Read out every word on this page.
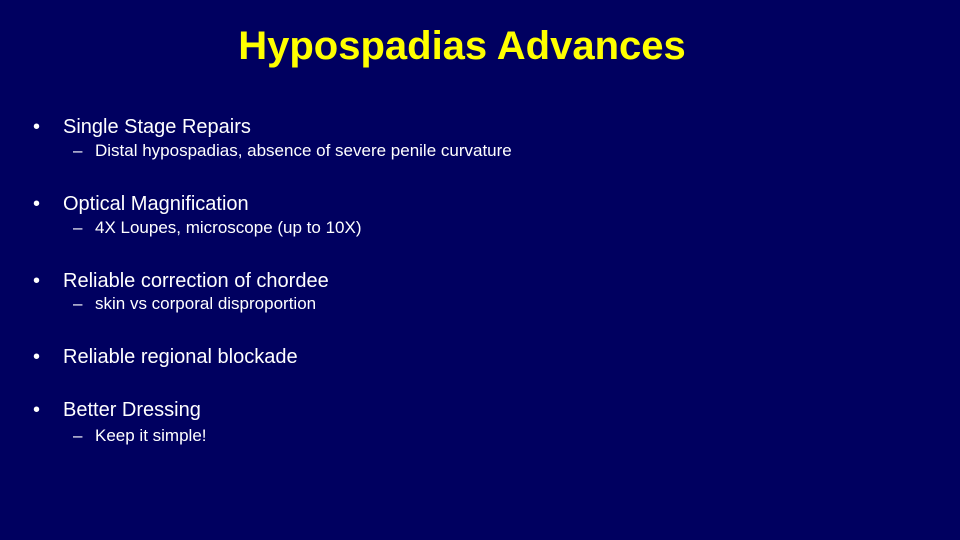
Hypospadias Advances
• Single Stage Repairs
– Distal hypospadias, absence of severe penile curvature
• Optical Magnification
– 4X Loupes, microscope (up to 10X)
• Reliable correction of chordee
– skin vs corporal disproportion
• Reliable regional blockade
• Better Dressing
– Keep it simple!
